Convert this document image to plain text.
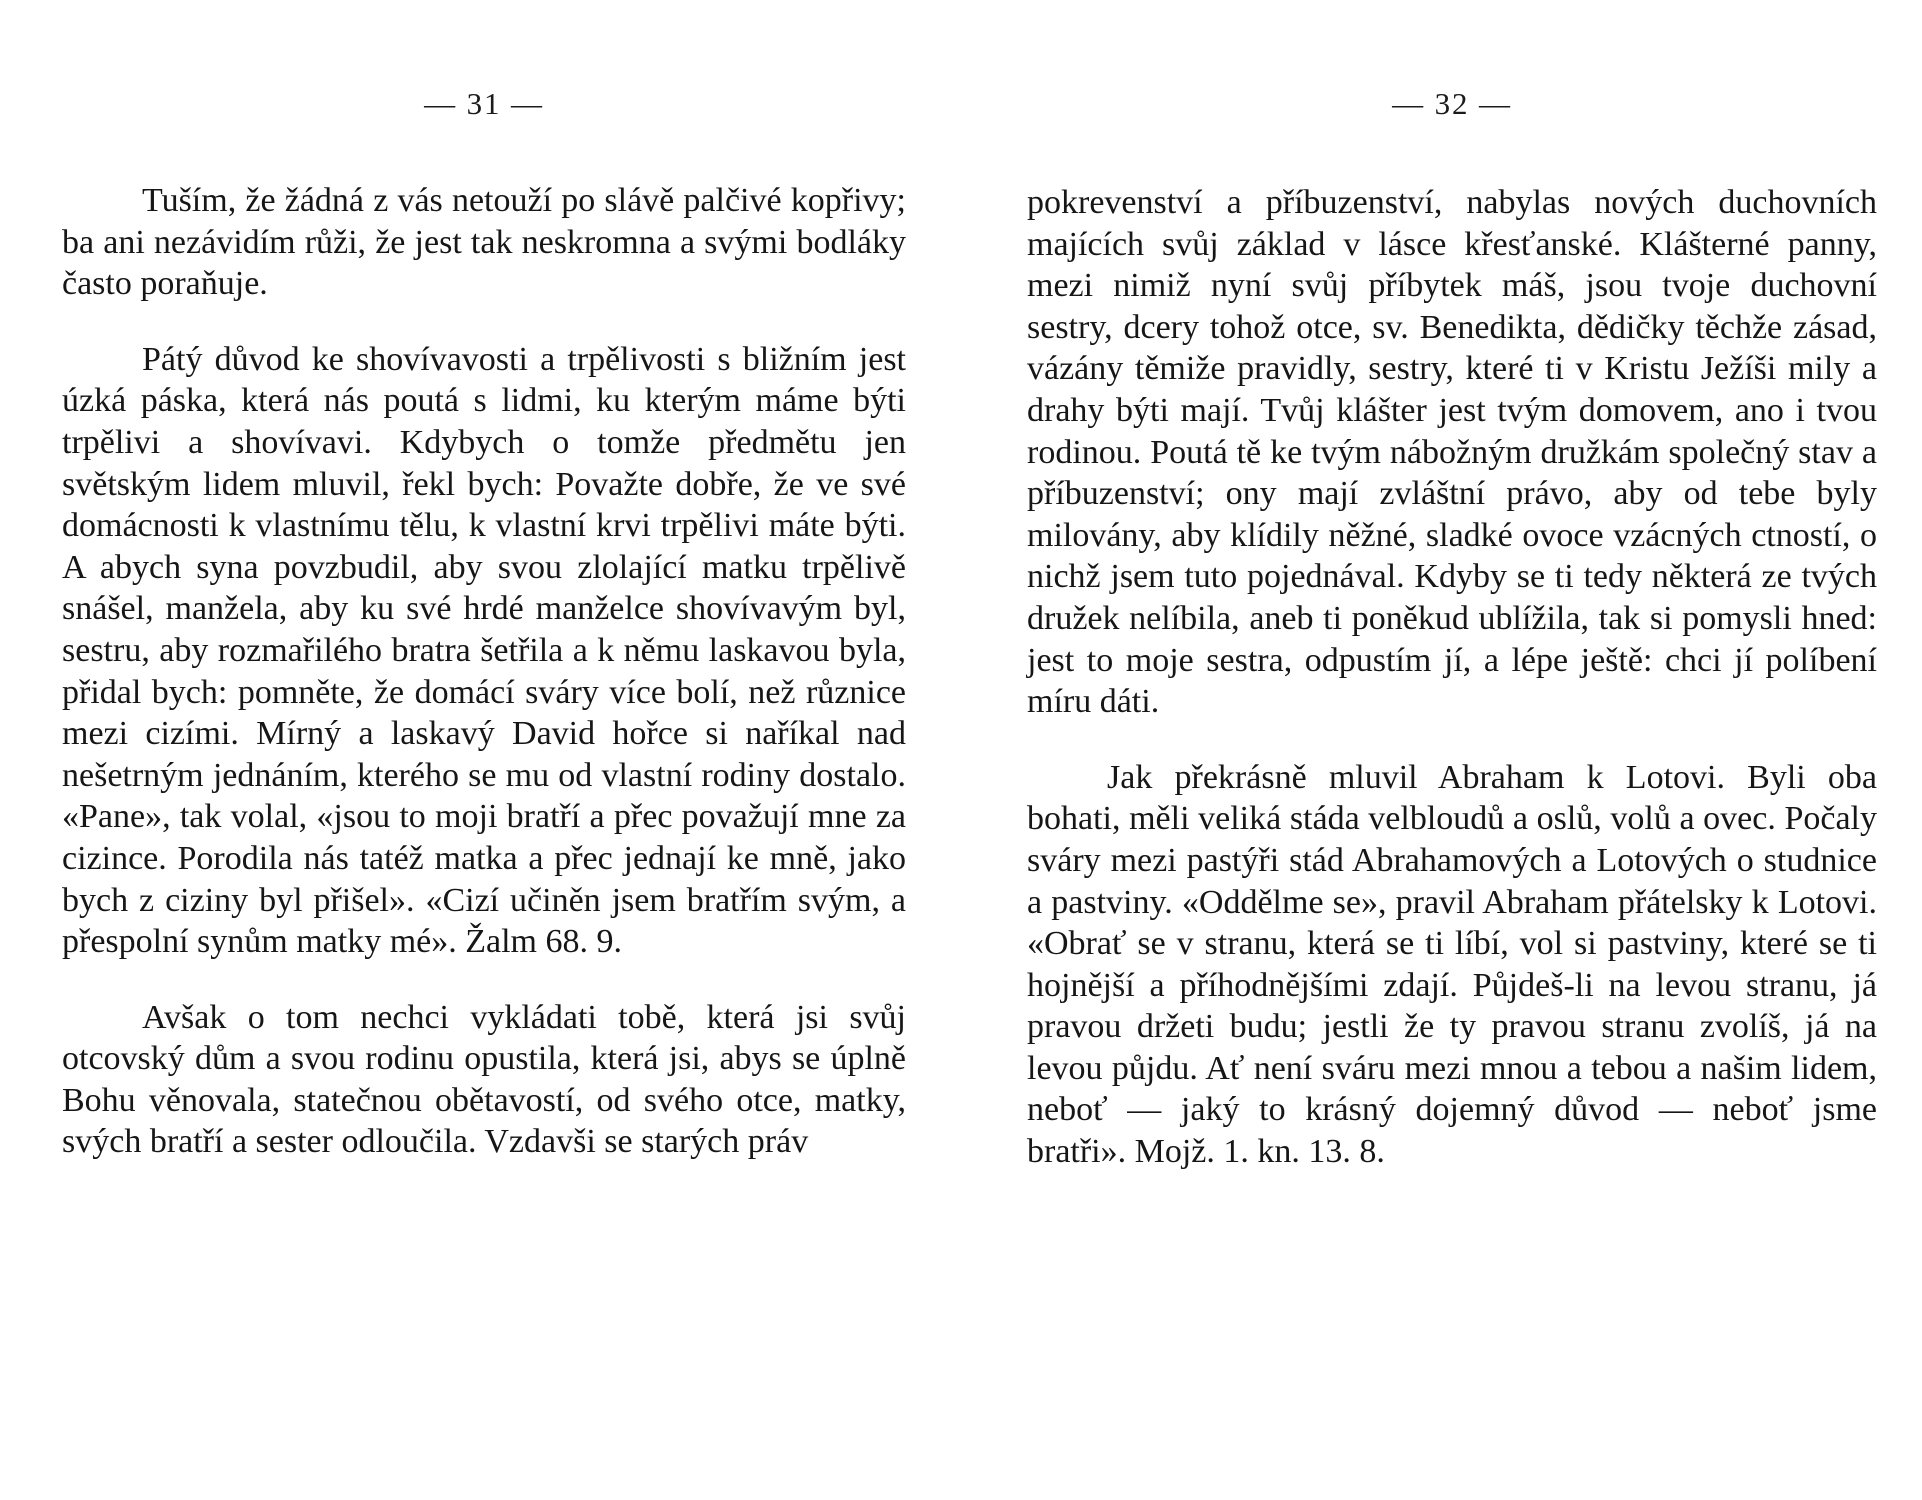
— 31 —

Tuším, že žádná z vás netouží po slávě palčivé kopřivy; ba ani nezávidím růži, že jest tak neskromna a svými bodláky často poraňuje.

Pátý důvod ke shovívavosti a trpělivosti s bližním jest úzká páska, která nás poutá s lidmi, ku kterým máme býti trpělivi a shovívavi. Kdybych o tomže předmětu jen světským lidem mluvil, řekl bych: Považte dobře, že ve své domácnosti k vlastnímu tělu, k vlastní krvi trpělivi máte býti. A abych syna povzbudil, aby svou zlolající matku trpělivě snášel, manžela, aby ku své hrdé manželce shovívavým byl, sestru, aby rozmařilého bratra šetřila a k němu laskavou byla, přidal bych: pomněte, že domácí sváry více bolí, než různice mezi cizími. Mírný a laskavý David hořce si naříkal nad nešetrným jednáním, kterého se mu od vlastní rodiny dostalo. «Pane», tak volal, «jsou to moji bratří a přec považují mne za cizince. Porodila nás tatéž matka a přec jednají ke mně, jako bych z ciziny byl přišel». «Cizí učiněn jsem bratřím svým, a přespolní synům matky mé». Žalm 68. 9.

Avšak o tom nechci vykládati tobě, která jsi svůj otcovský dům a svou rodinu opustila, která jsi, abys se úplně Bohu věnovala, statečnou obětavostí, od svého otce, matky, svých bratří a sester odloučila. Vzdavši se starých práv

— 32 —

pokrevenství a příbuzenství, nabylas nových duchovních majících svůj základ v lásce křesťanské. Klášterné panny, mezi nimiž nyní svůj příbytek máš, jsou tvoje duchovní sestry, dcery tohož otce, sv. Benedikta, dědičky těchže zásad, vázány těmiže pravidly, sestry, které ti v Kristu Ježíši mily a drahy býti mají. Tvůj klášter jest tvým domovem, ano i tvou rodinou. Poutá tě ke tvým nábožným družkám společný stav a příbuzenství; ony mají zvláštní právo, aby od tebe byly milovány, aby klídily něžné, sladké ovoce vzácných ctností, o nichž jsem tuto pojednával. Kdyby se ti tedy některá ze tvých družek nelíbila, aneb ti poněkud ublížila, tak si pomysli hned: jest to moje sestra, odpustím jí, a lépe ještě: chci jí políbení míru dáti.

Jak překrásně mluvil Abraham k Lotovi. Byli oba bohati, měli veliká stáda velbloudů a oslů, volů a ovec. Počaly sváry mezi pastýři stád Abrahamových a Lotových o studnice a pastviny. «Oddělme se», pravil Abraham přátelsky k Lotovi. «Obrať se v stranu, která se ti líbí, vol si pastviny, které se ti hojnější a příhodnějšími zdají. Půjdeš-li na levou stranu, já pravou držeti budu; jestli že ty pravou stranu zvolíš, já na levou půjdu. Ať není sváru mezi mnou a tebou a našim lidem, neboť — jaký to krásný dojemný důvod — neboť jsme bratři». Mojž. 1. kn. 13. 8.
